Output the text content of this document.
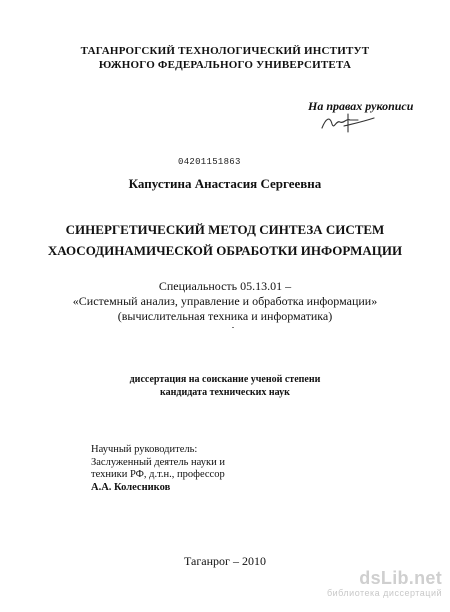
ТАГАНРОГСКИЙ ТЕХНОЛОГИЧЕСКИЙ ИНСТИТУТ
ЮЖНОГО ФЕДЕРАЛЬНОГО УНИВЕРСИТЕТА
На правах рукописи
04201151863
Капустина Анастасия Сергеевна
СИНЕРГЕТИЧЕСКИЙ МЕТОД СИНТЕЗА СИСТЕМ
ХАОСОДИНАМИЧЕСКОЙ ОБРАБОТКИ ИНФОРМАЦИИ
Специальность 05.13.01 –
«Системный анализ, управление и обработка информации»
(вычислительная техника и информатика)
диссертация на соискание ученой степени
кандидата технических наук
Научный руководитель:
Заслуженный деятель науки и
техники РФ, д.т.н., профессор
А.А. Колесников
Таганрог – 2010
dsLib.net
библиотека диссертаций
